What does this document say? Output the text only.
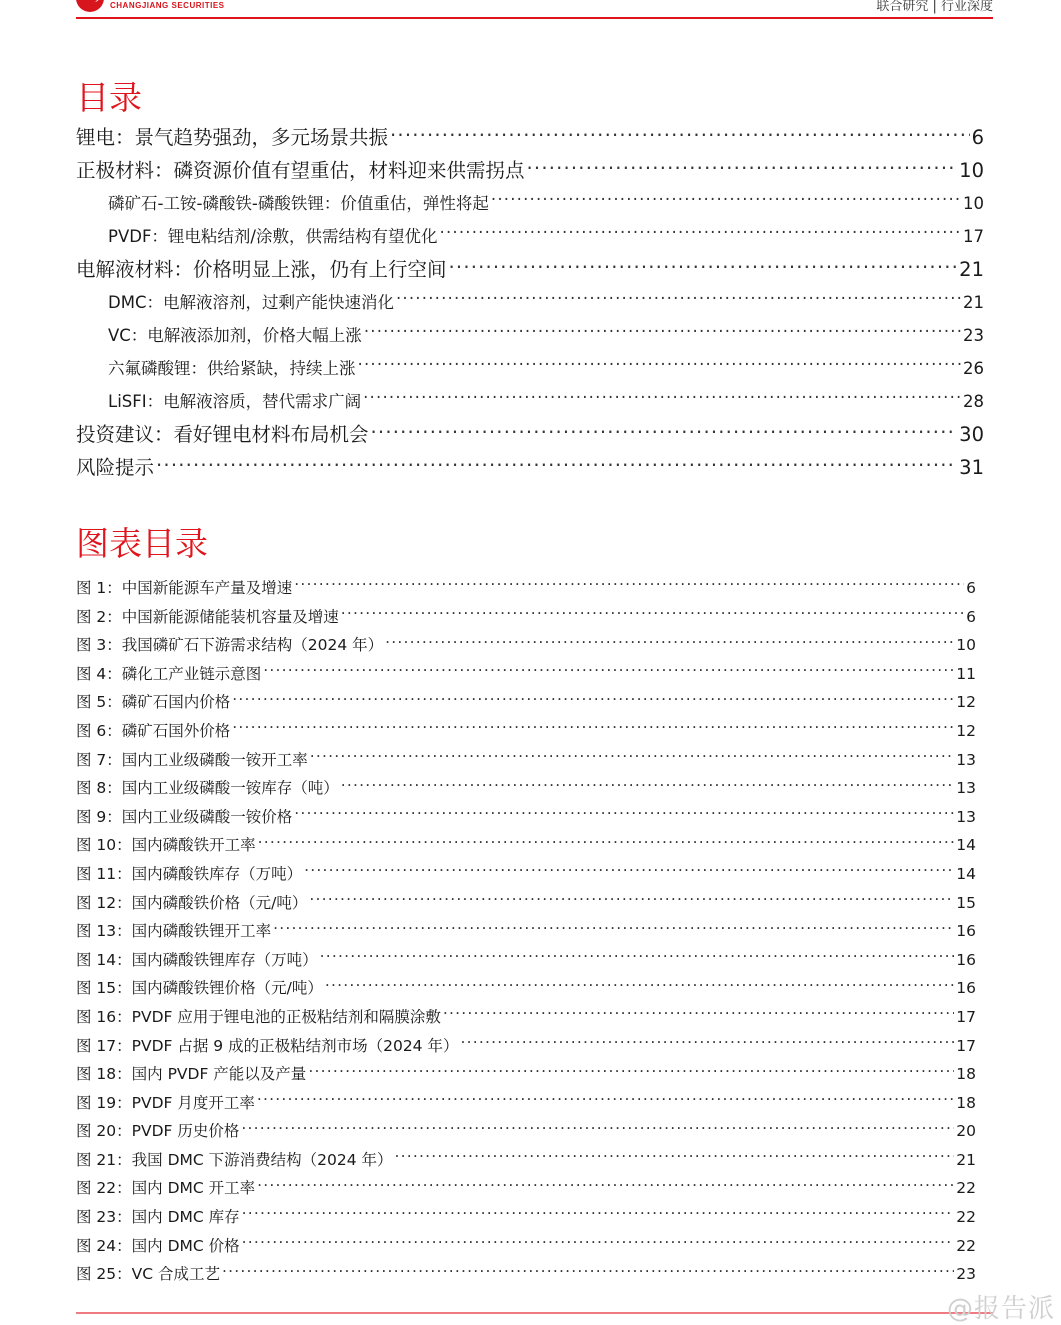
CHANGJIANG SECURITIES	联合研究 | 行业深度
目录
锂电：景气趋势强劲，多元场景共振 .....	6
正极材料：磷资源价值有望重估，材料迎来供需拐点 .....	10
磷矿石-工铵-磷酸铁-磷酸铁锂：价值重估，弹性将起 .....	10
PVDF：锂电粘结剂/涂敷，供需结构有望优化 .....	17
电解液材料：价格明显上涨，仍有上行空间 .....	21
DMC：电解液溶剂，过剩产能快速消化 .....	21
VC：电解液添加剂，价格大幅上涨 .....	23
六氟磷酸锂：供给紧缺，持续上涨 .....	26
LiSFI：电解液溶质，替代需求广阔 .....	28
投资建议：看好锂电材料布局机会 .....	30
风险提示 .....	31
图表目录
图 1：中国新能源车产量及增速 .....	6
图 2：中国新能源储能装机容量及增速 .....	6
图 3：我国磷矿石下游需求结构（2024 年） .....	10
图 4：磷化工产业链示意图 .....	11
图 5：磷矿石国内价格 .....	12
图 6：磷矿石国外价格 .....	12
图 7：国内工业级磷酸一铵开工率 .....	13
图 8：国内工业级磷酸一铵库存（吨） .....	13
图 9：国内工业级磷酸一铵价格 .....	13
图 10：国内磷酸铁开工率 .....	14
图 11：国内磷酸铁库存（万吨） .....	14
图 12：国内磷酸铁价格（元/吨） .....	15
图 13：国内磷酸铁锂开工率 .....	16
图 14：国内磷酸铁锂库存（万吨） .....	16
图 15：国内磷酸铁锂价格（元/吨） .....	16
图 16：PVDF 应用于锂电池的正极粘结剂和隔膜涂敷 .....	17
图 17：PVDF 占据 9 成的正极粘结剂市场（2024 年） .....	17
图 18：国内 PVDF 产能以及产量 .....	18
图 19：PVDF 月度开工率 .....	18
图 20：PVDF 历史价格 .....	20
图 21：我国 DMC 下游消费结构（2024 年） .....	21
图 22：国内 DMC 开工率 .....	22
图 23：国内 DMC 库存 .....	22
图 24：国内 DMC 价格 .....	22
图 25：VC 合成工艺 .....	23
@报告派
